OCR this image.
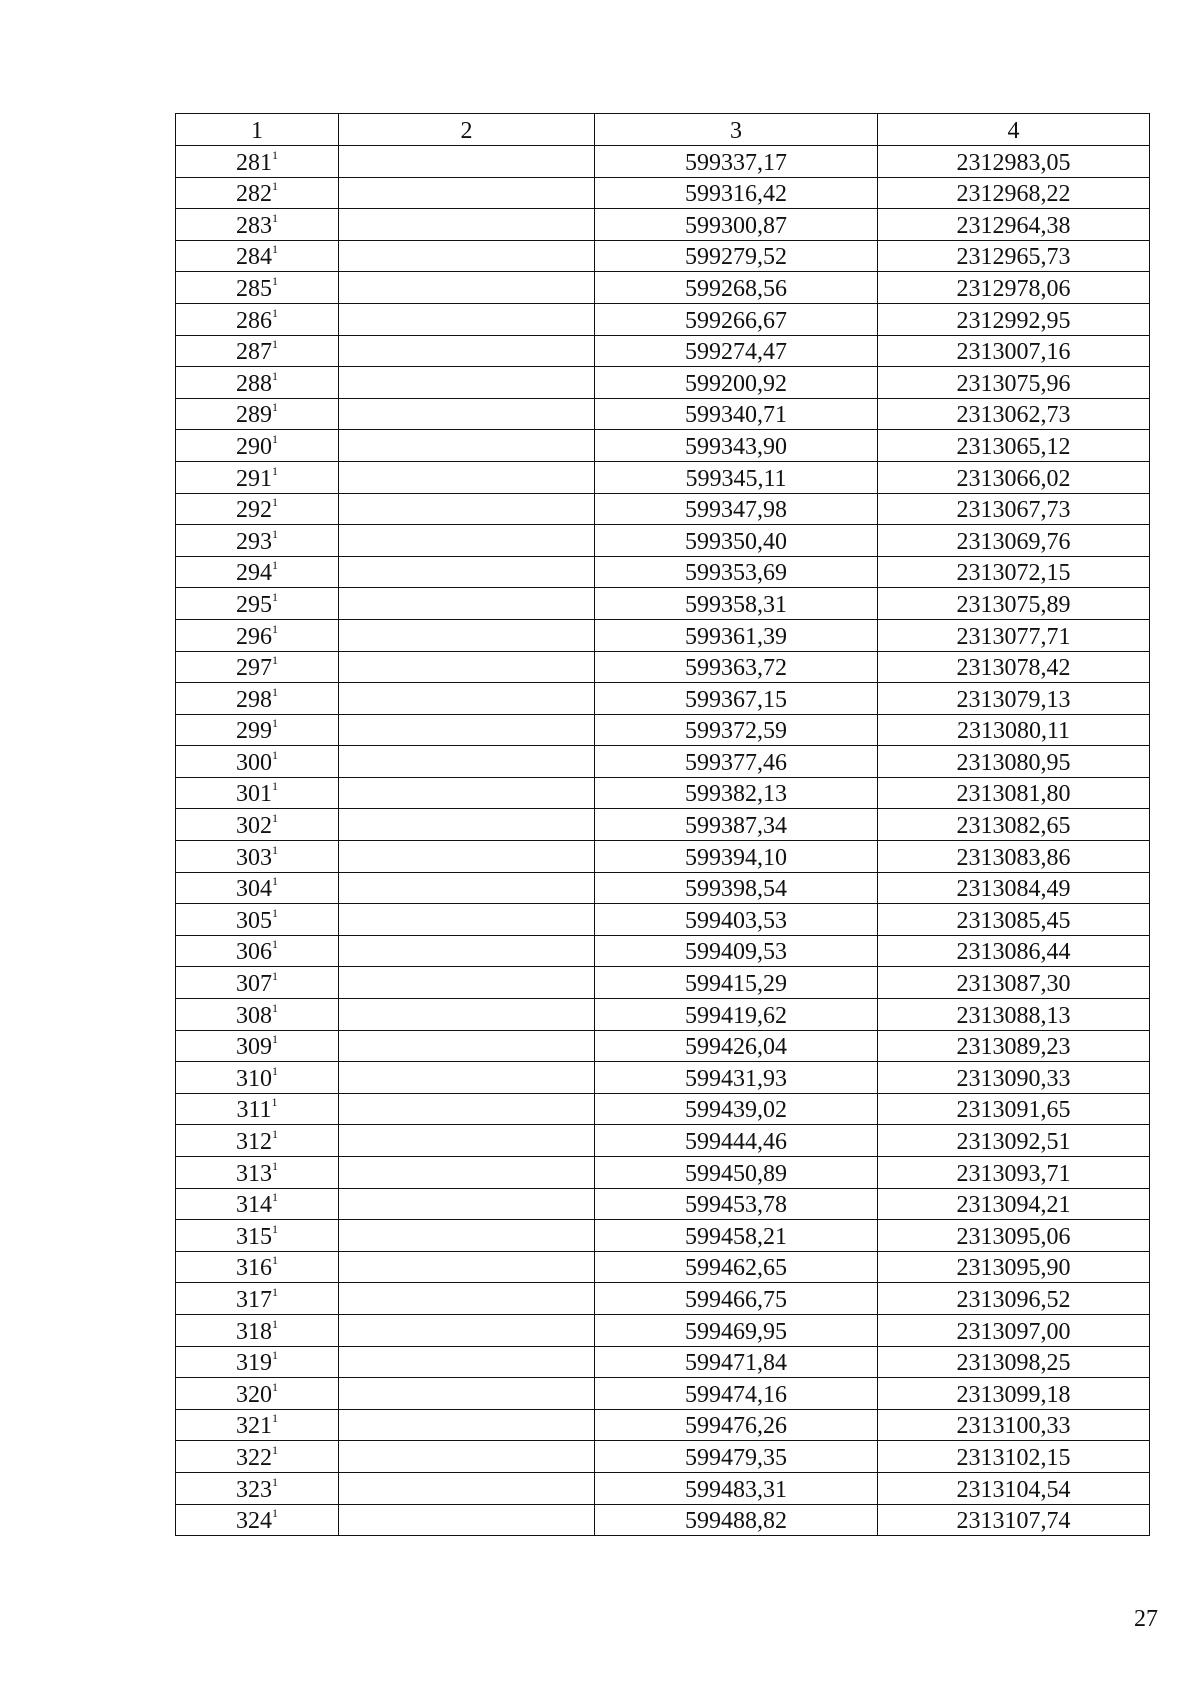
1	2	3	4
$281^1$		599337,17	2312983,05
$282^1$		599316,42	2312968,22
$283^1$		599300,87	2312964,38
$284^1$		599279,52	2312965,73
$285^1$		599268,56	2312978,06
$286^1$		599266,67	2312992,95
$287^1$		599274,47	2313007,16
$288^1$		599200,92	2313075,96
$289^1$		599340,71	2313062,73
$290^1$		599343,90	2313065,12
$291^1$		599345,11	2313066,02
$292^1$		599347,98	2313067,73
$293^1$		599350,40	2313069,76
$294^1$		599353,69	2313072,15
$295^1$		599358,31	2313075,89
$296^1$		599361,39	2313077,71
$297^1$		599363,72	2313078,42
$298^1$		599367,15	2313079,13
$299^1$		599372,59	2313080,11
$300^1$		599377,46	2313080,95
$301^1$		599382,13	2313081,80
$302^1$		599387,34	2313082,65
$303^1$		599394,10	2313083,86
$304^1$		599398,54	2313084,49
$305^1$		599403,53	2313085,45
$306^1$		599409,53	2313086,44
$307^1$		599415,29	2313087,30
$308^1$		599419,62	2313088,13
$309^1$		599426,04	2313089,23
$310^1$		599431,93	2313090,33
$311^1$		599439,02	2313091,65
$312^1$		599444,46	2313092,51
$313^1$		599450,89	2313093,71
$314^1$		599453,78	2313094,21
$315^1$		599458,21	2313095,06
$316^1$		599462,65	2313095,90
$317^1$		599466,75	2313096,52
$318^1$		599469,95	2313097,00
$319^1$		599471,84	2313098,25
$320^1$		599474,16	2313099,18
$321^1$		599476,26	2313100,33
$322^1$		599479,35	2313102,15
$323^1$		599483,31	2313104,54
$324^1$		599488,82	2313107,74
27
